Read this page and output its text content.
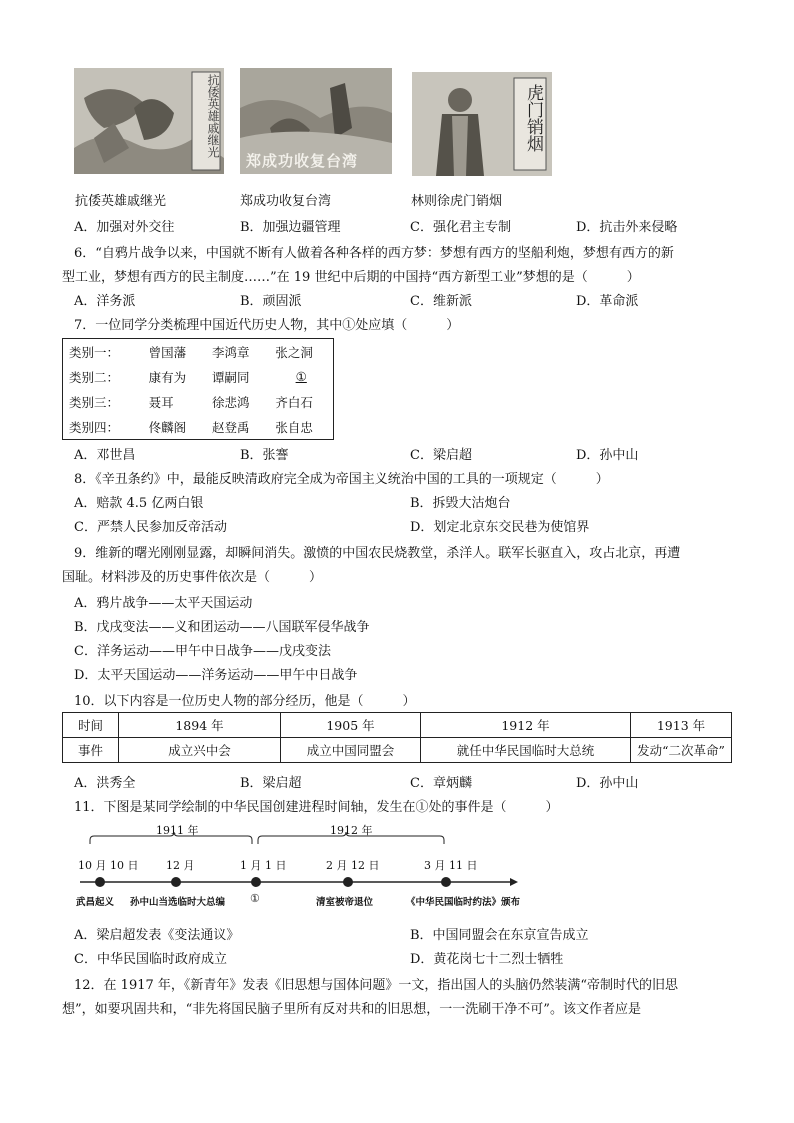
抗倭英雄戚继光
郑成功收复台湾
虎门销烟
抗倭英雄戚继光	郑成功收复台湾	林则徐虎门销烟
A．加强对外交往	B．加强边疆管理	C．强化君主专制	D．抗击外来侵略
6．“自鸦片战争以来，中国就不断有人做着各种各样的西方梦：梦想有西方的坚船利炮，梦想有西方的新
型工业，梦想有西方的民主制度……”在 19 世纪中后期的中国持“西方新型工业”梦想的是（　　　）
A．洋务派	B．顽固派	C．维新派	D．革命派
7．一位同学分类梳理中国近代历史人物，其中①处应填（　　　）
类别一：	曾国藩	李鸿章	张之洞
类别二：	康有为	谭嗣同	①
类别三：	聂耳	徐悲鸿	齐白石
类别四：	佟麟阁	赵登禹	张自忠
A．邓世昌	B．张謇	C．梁启超	D．孙中山
8．《辛丑条约》中，最能反映清政府完全成为帝国主义统治中国的工具的一项规定（　　　）
A．赔款 4.5 亿两白银	B．拆毁大沽炮台
C．严禁人民参加反帝活动	D．划定北京东交民巷为使馆界
9．维新的曙光刚刚显露，却瞬间消失。激愤的中国农民烧教堂，杀洋人。联军长驱直入，攻占北京，再遭
国耻。材料涉及的历史事件依次是（　　　）
A．鸦片战争——太平天国运动
B．戊戌变法——义和团运动——八国联军侵华战争
C．洋务运动——甲午中日战争——戊戌变法
D．太平天国运动——洋务运动——甲午中日战争
10．以下内容是一位历史人物的部分经历，他是（　　　）
时间	1894 年	1905 年	1912 年	1913 年
事件	成立兴中会	成立中国同盟会	就任中华民国临时大总统	发动“二次革命”
A．洪秀全	B．梁启超	C．章炳麟	D．孙中山
11．下图是某同学绘制的中华民国创建进程时间轴，发生在①处的事件是（　　　）
1911 年	1912 年
10 月 10 日	12 月	1 月 1 日	2 月 12 日	3 月 11 日
武昌起义 孙中山当选临时大总编 ①	清室被帝退位	《中华民国临时约法》颁布
A．梁启超发表《变法通议》	B．中国同盟会在东京宣告成立
C．中华民国临时政府成立	D．黄花岗七十二烈士牺牲
12．在 1917 年，《新青年》发表《旧思想与国体问题》一文，指出国人的头脑仍然装满“帝制时代的旧思
想”，如要巩固共和，“非先将国民脑子里所有反对共和的旧思想，一一洗刷干净不可”。该文作者应是
